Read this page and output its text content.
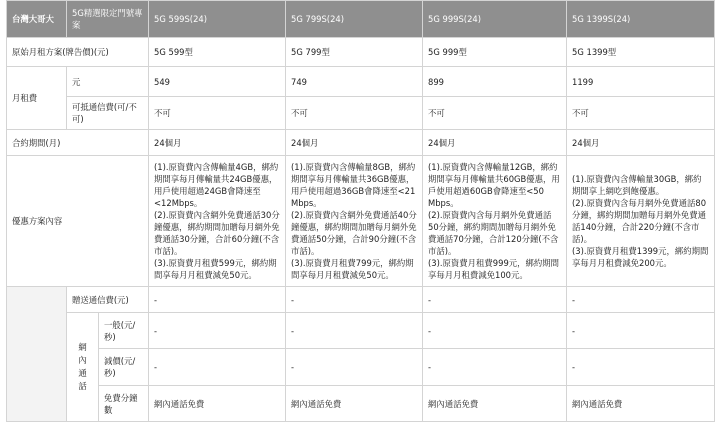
台灣大哥大	5G精選限定門號專案		5G 599S(24)	5G 799S(24)	5G 999S(24)	5G 1399S(24)
原始月租方案(牌告價)(元)			5G 599型	5G 799型	5G 999型	5G 1399型
月租費	元		549	749	899	1199
	可抵通信費(可/不可)		不可	不可	不可	不可
合約期間(月)			24個月	24個月	24個月	24個月
優惠方案內容			(1).原資費內含傳輸量4GB，綁約期間享每月傳輸量共24GB優惠，用戶使用超過24GB會降速至<12Mbps。
(2).原資費內含網外免費通話30分鐘優惠，綁約期間加贈每月網外免費通話30分鐘，合計60分鐘(不含市話)。
(3).原資費月租費599元，綁約期間享每月月租費減免50元。	(1).原資費內含傳輸量8GB，綁約期間享每月傳輸量共36GB優惠，用戶使用超過36GB會降速至<21 Mbps。
(2).原資費內含網外免費通話40分鐘優惠，綁約期間加贈每月網外免費通話50分鐘，合計90分鐘(不含市話)。
(3).原資費月租費799元，綁約期間享每月月租費減免50元。	(1).原資費內含傳輸量12GB，綁約期間享每月傳輸量共60GB優惠，用戶使用超過60GB會降速至<50 Mbps。
(2).原資費內含每月網外免費通話50分鐘，綁約期間加贈每月網外免費通話70分鐘，合計120分鐘(不含市話)。
(3).原資費月租費999元，綁約期間享每月月租費減免100元。	(1).原資費內含傳輸量30GB，綁約期間享上網吃到飽優惠。
(2).原資費內含每月網外免費通話80分鐘，綁約期間加贈每月網外免費通話140分鐘，合計220分鐘(不含市話)。
(3).原資費月租費1399元，綁約期間享每月月租費減免200元。
	贈送通信費(元)		-	-	-	-
	網內通話	一般(元/秒)	-	-	-	-
		減價(元/秒)	-	-	-	-
		免費分鐘數	網內通話免費	網內通話免費	網內通話免費	網內通話免費
